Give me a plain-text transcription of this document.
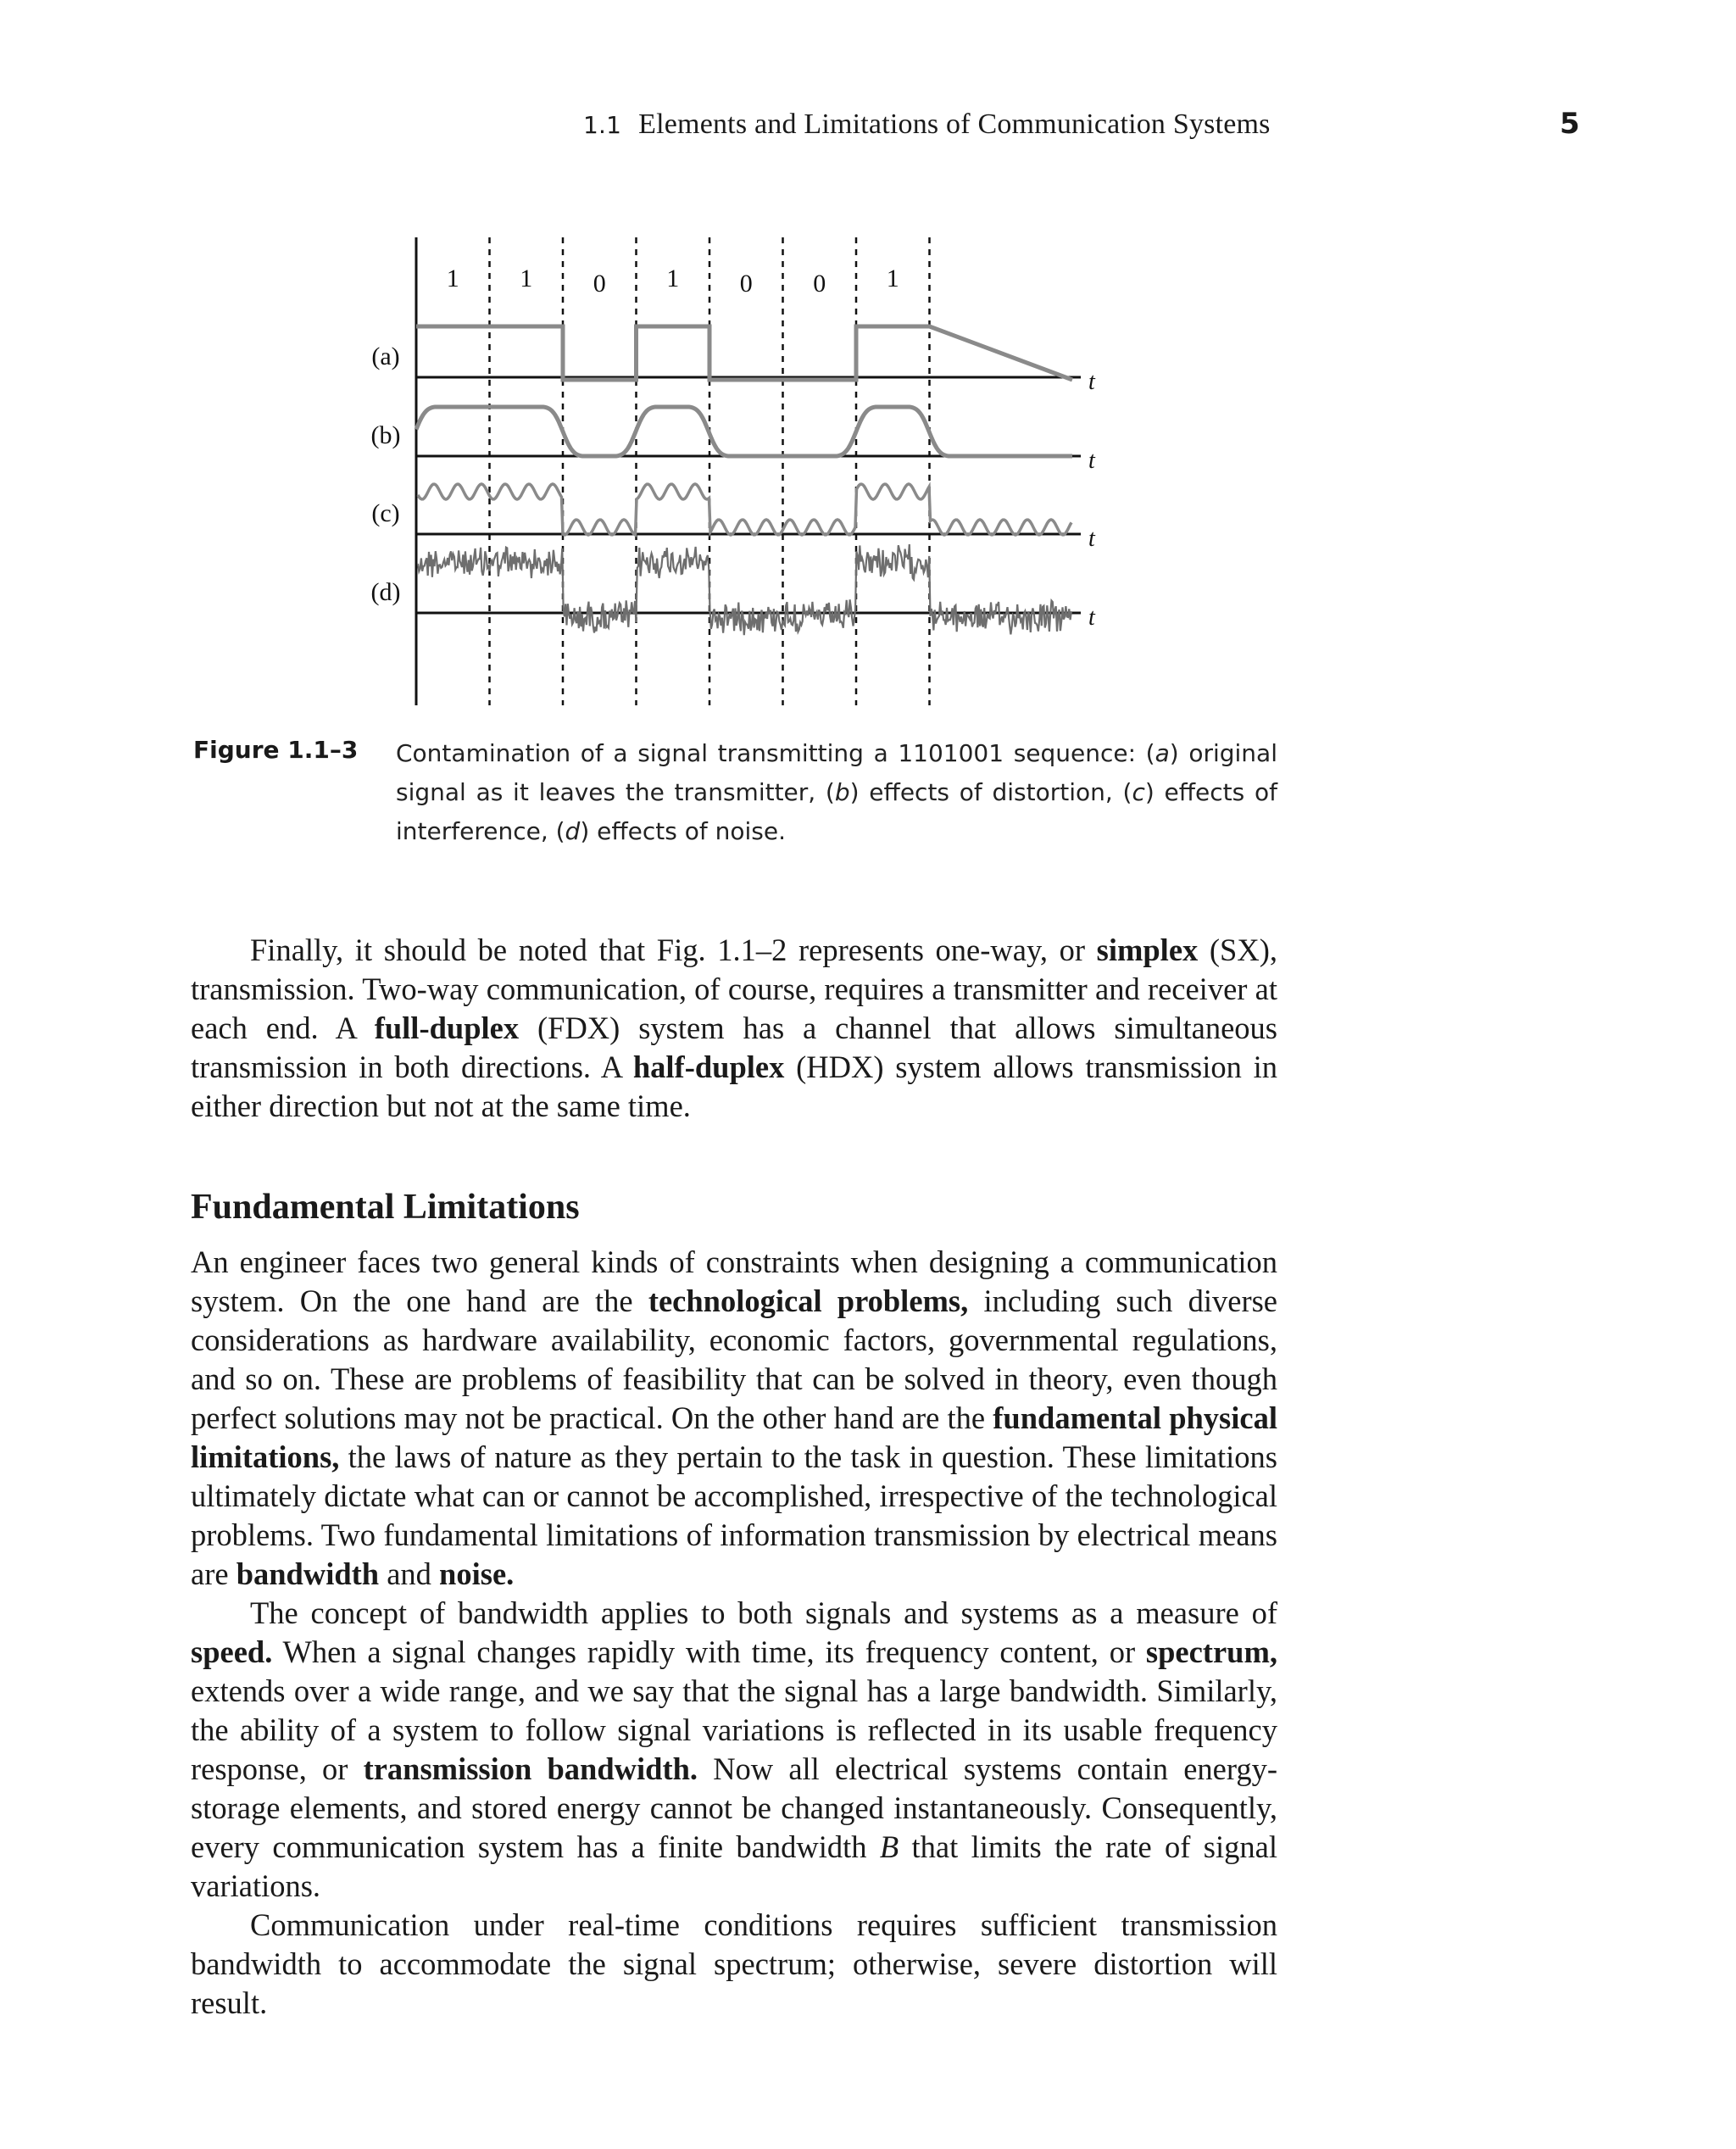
1.1 Elements and Limitations of Communication Systems	5
1 1 0 1 0 0 1
(a)
(b)
(c)
(d)
t
t
t
t
Figure 1.1–3 Contamination of a signal transmitting a 1101001 sequence: (a) original signal as it leaves the transmitter, (b) effects of distortion, (c) effects of interference, (d) effects of noise.

Finally, it should be noted that Fig. 1.1–2 represents one-way, or simplex (SX), transmission. Two-way communication, of course, requires a transmitter and receiver at each end. A full-duplex (FDX) system has a channel that allows simultaneous transmission in both directions. A half-duplex (HDX) system allows transmission in either direction but not at the same time.

Fundamental Limitations

An engineer faces two general kinds of constraints when designing a communication system. On the one hand are the technological problems, including such diverse considerations as hardware availability, economic factors, governmental regulations, and so on. These are problems of feasibility that can be solved in theory, even though perfect solutions may not be practical. On the other hand are the fundamental physical limitations, the laws of nature as they pertain to the task in question. These limitations ultimately dictate what can or cannot be accomplished, irrespective of the technological problems. Two fundamental limitations of information transmission by electrical means are bandwidth and noise.

The concept of bandwidth applies to both signals and systems as a measure of speed. When a signal changes rapidly with time, its frequency content, or spectrum, extends over a wide range, and we say that the signal has a large bandwidth. Similarly, the ability of a system to follow signal variations is reflected in its usable frequency response, or transmission bandwidth. Now all electrical systems contain energy-storage elements, and stored energy cannot be changed instantaneously. Consequently, every communication system has a finite bandwidth B that limits the rate of signal variations.

Communication under real-time conditions requires sufficient transmission bandwidth to accommodate the signal spectrum; otherwise, severe distortion will result.
